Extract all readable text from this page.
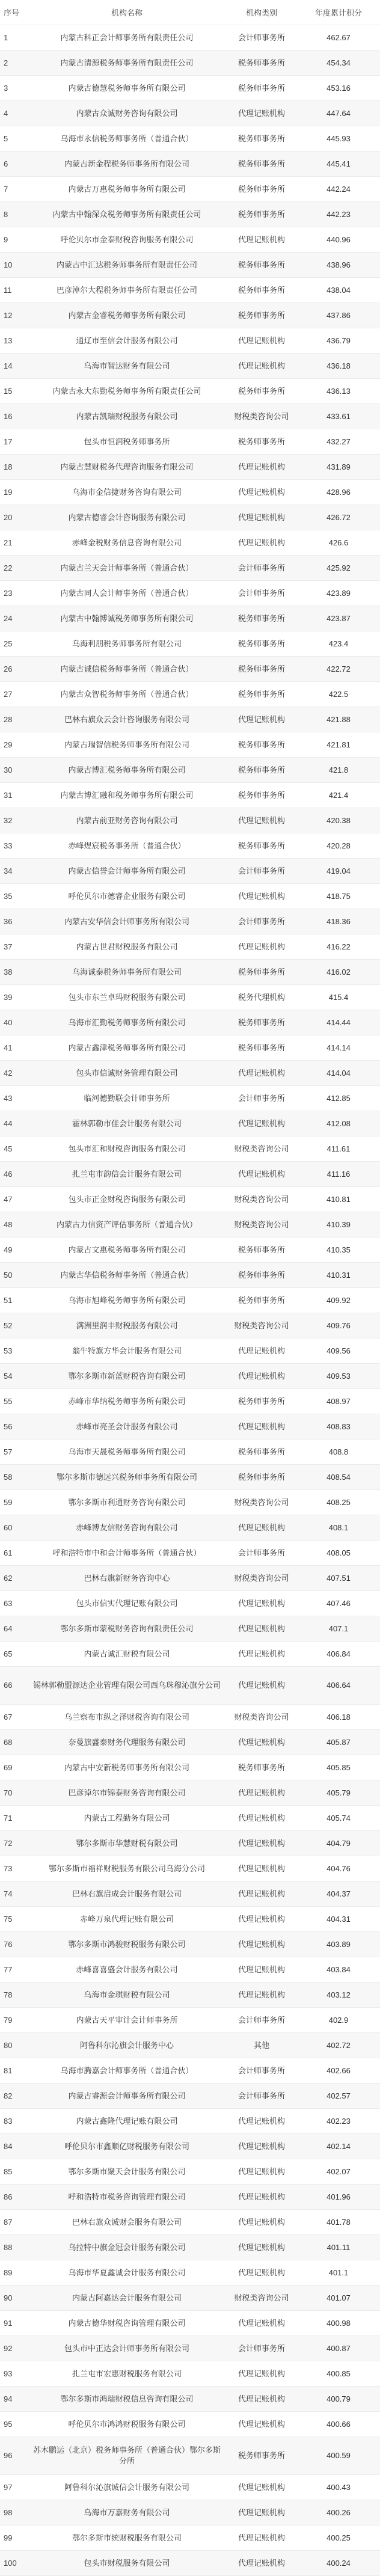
序号	机构名称	机构类别	年度累计积分
1	内蒙古科正会计师事务所有限责任公司	会计师事务所	462.67
2	内蒙古清源税务师事务所有限责任公司	税务师事务所	454.34
3	内蒙古德慧税务师事务所有限公司	税务师事务所	453.16
4	内蒙古众诚财务咨询有限公司	代理记账机构	447.64
5	乌海市永信税务师事务所（普通合伙）	税务师事务所	445.93
6	内蒙古新金程税务师事务所有限公司	税务师事务所	445.41
7	内蒙古万惠税务师事务所有限公司	税务师事务所	442.24
8	内蒙古中翰深众税务师事务所有限责任公司	税务师事务所	442.23
9	呼伦贝尔市金泰财税咨询服务有限公司	代理记账机构	440.96
10	内蒙古中汇达税务师事务所有限责任公司	税务师事务所	438.96
11	巴彦淖尔大程税务师事务所有限责任公司	税务师事务所	438.04
12	内蒙古金睿税务师事务所有限公司	税务师事务所	437.86
13	通辽市至信会计服务有限公司	代理记账机构	436.79
14	乌海市智达财务有限公司	代理记账机构	436.18
15	内蒙古永大东勤税务师事务所有限责任公司	税务师事务所	436.13
16	内蒙古凯瑞财税服务有限公司	财税类咨询公司	433.61
17	包头市恒润税务师事务所	税务师事务所	432.27
18	内蒙古慧财税务代理咨询服务有限公司	代理记账机构	431.89
19	乌海市金信捷财务咨询有限公司	代理记账机构	428.96
20	内蒙古德睿会计咨询服务有限公司	代理记账机构	426.72
21	赤峰金税财务信息咨询有限公司	代理记账机构	426.6
22	内蒙古兰天会计师事务所（普通合伙）	会计师事务所	425.92
23	内蒙古同人会计师事务所（普通合伙）	会计师事务所	423.89
24	内蒙古中翰博诚税务师事务所有限公司	税务师事务所	423.87
25	乌海利朋税务师事务所有限公司	税务师事务所	423.4
26	内蒙古诚信税务师事务所（普通合伙）	税务师事务所	422.72
27	内蒙古众智税务师事务所（普通合伙）	税务师事务所	422.5
28	巴林右旗众云会计咨询服务有限公司	代理记账机构	421.88
29	内蒙古瑞智信税务师事务所有限公司	税务师事务所	421.81
30	内蒙古博汇税务师事务所有限公司	税务师事务所	421.8
31	内蒙古博汇融和税务师事务所有限公司	税务师事务所	421.4
32	内蒙古前亚财务咨询有限公司	代理记账机构	420.38
33	赤峰煜宸税务事务所（普通合伙）	税务师事务所	420.28
34	内蒙古信誉会计师事务所有限公司	会计师事务所	419.04
35	呼伦贝尔市德睿企业服务有限公司	代理记账机构	418.75
36	内蒙古安华信会计师事务所有限公司	会计师事务所	418.36
37	内蒙古世君财税服务有限公司	代理记账机构	416.22
38	乌海诚泰税务师事务所有限公司	税务师事务所	416.02
39	包头市东兰卓玛财税服务有限公司	税务代理机构	415.4
40	乌海市汇勤税务师事务所有限公司	税务师事务所	414.44
41	内蒙古鑫津税务师事务所有限公司	税务师事务所	414.14
42	包头市信诚财务管理有限公司	代理记账机构	414.04
43	临河德勤联会计师事务所	会计师事务所	412.85
44	霍林郭勒市佳会计服务有限公司	代理记账机构	412.08
45	包头市汇和财税咨询服务有限公司	财税类咨询公司	411.61
46	扎兰屯市韵信会计服务有限公司	代理记账机构	411.16
47	包头市正金财税咨询服务有限公司	财税类咨询公司	410.81
48	内蒙古力信资产评估事务所（普通合伙）	财税类咨询公司	410.39
49	内蒙古文惠税务师事务所有限公司	税务师事务所	410.35
50	内蒙古华信税务师事务所（普通合伙）	税务师事务所	410.31
51	乌海市旭峰税务师事务所有限公司	税务师事务所	409.92
52	满洲里润丰财税服务有限公司	财税类咨询公司	409.76
53	翁牛特旗方华会计服务有限公司	代理记账机构	409.56
54	鄂尔多斯市新蓝财税咨询有限公司	代理记账机构	409.53
55	赤峰市华纳税务师事务所有限公司	税务师事务所	408.97
56	赤峰市亮圣会计服务有限公司	代理记账机构	408.83
57	乌海市天晟税务师事务所有限公司	税务师事务所	408.8
58	鄂尔多斯市德远兴税务师事务所有限公司	税务师事务所	408.54
59	鄂尔多斯市利通财务咨询有限公司	财税类咨询公司	408.25
60	赤峰博友信财务咨询有限公司	代理记账机构	408.1
61	呼和浩特市中和会计师事务所（普通合伙）	会计师事务所	408.05
62	巴林右旗新财务咨询中心	财税类咨询公司	407.51
63	包头市信实代理记账有限公司	代理记账机构	407.46
64	鄂尔多斯市蒙税财务咨询有限责任公司	代理记账机构	407.1
65	内蒙古诚汇财税有限公司	代理记账机构	406.84
66	锡林郭勒盟源达企业管理有限公司西乌珠穆沁旗分公司	代理记账机构	406.64
67	乌兰察布市纵之泽财税咨询有限公司	财税类咨询公司	406.18
68	奈曼旗盛泰财务代理服务有限公司	代理记账机构	405.87
69	内蒙古中安新税务师事务所有限公司	税务师事务所	405.85
70	巴彦淖尔市锦泰财务咨询有限公司	代理记账机构	405.79
71	内蒙古工程勤务有限公司	代理记账机构	405.74
72	鄂尔多斯市华慧财税有限公司	代理记账机构	404.79
73	鄂尔多斯市福祥财税服务有限公司乌海分公司	代理记账机构	404.76
74	巴林右旗启成会计服务有限公司	代理记账机构	404.37
75	赤峰万泉代理记账有限公司	代理记账机构	404.31
76	鄂尔多斯市鸿骏财税服务有限公司	代理记账机构	403.89
77	赤峰喜喜盛会计服务有限公司	代理记账机构	403.84
78	乌海市金琪财税有限公司	代理记账机构	403.12
79	内蒙古天平审计会计师事务所	会计师事务所	402.9
80	阿鲁科尔沁旗会计服务中心	其他	402.72
81	乌海市腾嘉会计师事务所（普通合伙）	会计师事务所	402.66
82	内蒙古睿源会计师事务所有限公司	会计师事务所	402.57
83	内蒙古鑫隆代理记账有限公司	代理记账机构	402.23
84	呼伦贝尔市鑫顺亿财税服务有限公司	代理记账机构	402.14
85	鄂尔多斯市聚天会计服务有限公司	代理记账机构	402.07
86	呼和浩特市税务咨询管理有限公司	代理记账机构	401.96
87	巴林右旗众诚财会服务有限公司	代理记账机构	401.78
88	乌拉特中旗金冠会计服务有限公司	代理记账机构	401.11
89	乌海市华夏鑫诚会计服务有限公司	代理记账机构	401.1
90	内蒙古阿嘉达会计服务有限公司	财税类咨询公司	401.07
91	内蒙古德华财税咨询管理有限公司	代理记账机构	400.98
92	包头市中正达会计师事务所有限公司	会计师事务所	400.87
93	扎兰屯市宏惠财税服务有限公司	代理记账机构	400.85
94	鄂尔多斯市鸿瑞财税信息咨询有限公司	代理记账机构	400.79
95	呼伦贝尔市鸿鸿财税服务有限公司	代理记账机构	400.66
96	苏木鹏运（北京）税务师事务所（普通合伙）鄂尔多斯分所	税务师事务所	400.59
97	阿鲁科尔沁旗诚信会计服务有限公司	代理记账机构	400.43
98	乌海市万嘉财务有限公司	代理记账机构	400.26
99	鄂尔多斯市统财税服务有限公司	代理记账机构	400.25
100	包头市财税服务有限公司	代理记账机构	400.24
